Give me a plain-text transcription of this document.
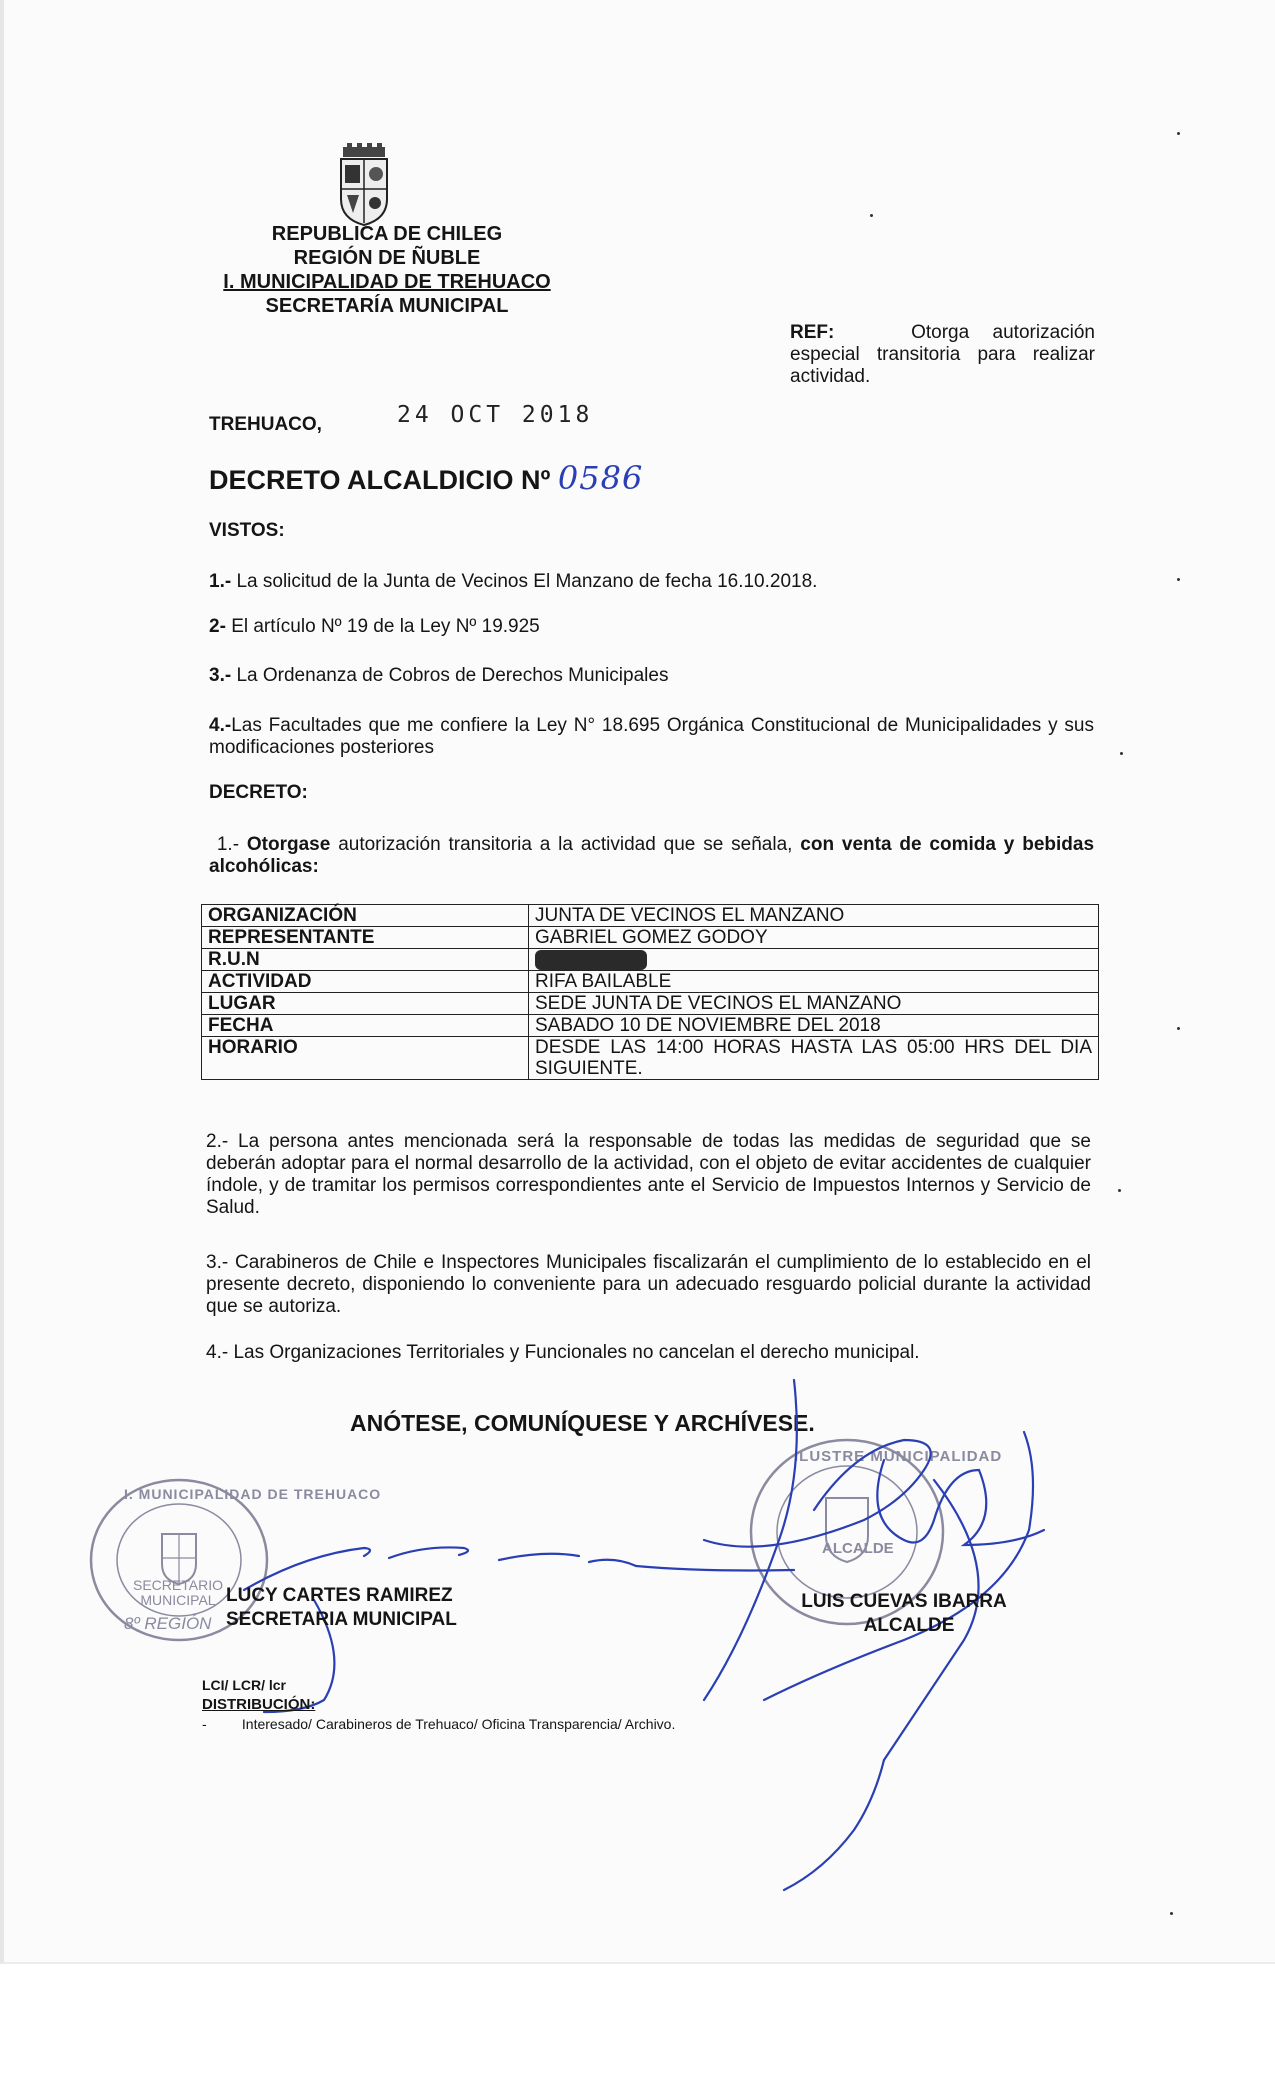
REPUBLICA DE CHILEG
REGIÓN DE ÑUBLE
I. MUNICIPALIDAD DE TREHUACO
SECRETARÍA MUNICIPAL
REF:	Otorga autorización especial transitoria para realizar actividad.
TREHUACO,	24 OCT 2018
DECRETO ALCALDICIO Nº 0586
VISTOS:
1.- La solicitud de la Junta de Vecinos El Manzano de fecha 16.10.2018.
2- El artículo Nº 19 de la Ley Nº 19.925
3.- La Ordenanza de Cobros de Derechos Municipales
4.-Las Facultades que me confiere la Ley N° 18.695 Orgánica Constitucional de Municipalidades y sus modificaciones posteriores
DECRETO:
1.- Otorgase autorización transitoria a la actividad que se señala, con venta de comida y bebidas alcohólicas:
ORGANIZACIÓN	JUNTA DE VECINOS EL MANZANO
REPRESENTANTE	GABRIEL GOMEZ GODOY
R.U.N	
ACTIVIDAD	RIFA BAILABLE
LUGAR	SEDE JUNTA DE VECINOS EL MANZANO
FECHA	SABADO 10 DE NOVIEMBRE DEL 2018
HORARIO	DESDE LAS 14:00 HORAS HASTA LAS 05:00 HRS DEL DIA SIGUIENTE.
2.- La persona antes mencionada será la responsable de todas las medidas de seguridad que se deberán adoptar para el normal desarrollo de la actividad, con el objeto de evitar accidentes de cualquier índole, y de tramitar los permisos correspondientes ante el Servicio de Impuestos Internos y Servicio de Salud.
3.- Carabineros de Chile e Inspectores Municipales fiscalizarán el cumplimiento de lo establecido en el presente decreto, disponiendo lo conveniente para un adecuado resguardo policial durante la actividad que se autoriza.
4.- Las Organizaciones Territoriales y Funcionales no cancelan el derecho municipal.
ANÓTESE, COMUNÍQUESE Y ARCHÍVESE.
I. MUNICIPALIDAD DE TREHUACO
SECRETARIO
MUNICIPAL
8º REGIÓN
ILUSTRE MUNICIPALIDAD
ALCALDE
LUCY CARTES RAMIREZ
SECRETARIA MUNICIPAL
LUIS CUEVAS IBARRA
ALCALDE
LCI/ LCR/ lcr
DISTRIBUCIÓN:
-	Interesado/ Carabineros de Trehuaco/ Oficina Transparencia/ Archivo.
